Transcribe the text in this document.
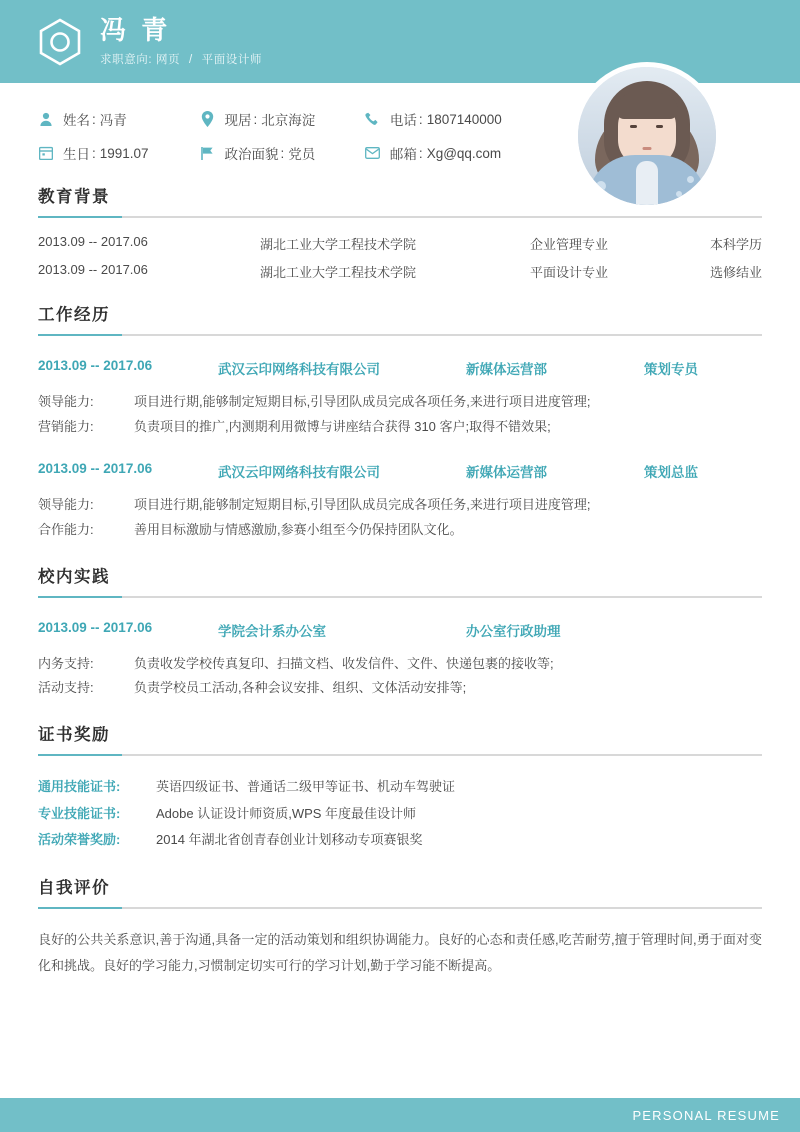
冯 青
求职意向: 网页 / 平面设计师
姓名 : 冯青	现居 : 北京海淀	电话 : 1807140000
生日 : 1991.07	政治面貌 : 党员	邮箱 : Xg@qq.com
教育背景
2013.09 -- 2017.06	湖北工业大学工程技术学院	企业管理专业	本科学历
2013.09 -- 2017.06	湖北工业大学工程技术学院	平面设计专业	选修结业
工作经历
2013.09 -- 2017.06	武汉云印网络科技有限公司	新媒体运营部	策划专员
领导能力:	项目进行期,能够制定短期目标,引导团队成员完成各项任务,来进行项目进度管理;
营销能力:	负责项目的推广,内测期利用微博与讲座结合获得 310 客户;取得不错效果;
2013.09 -- 2017.06	武汉云印网络科技有限公司	新媒体运营部	策划总监
领导能力:	项目进行期,能够制定短期目标,引导团队成员完成各项任务,来进行项目进度管理;
合作能力:	善用目标激励与情感激励,参赛小组至今仍保持团队文化。
校内实践
2013.09 -- 2017.06	学院会计系办公室	办公室行政助理
内务支持:	负责收发学校传真复印、扫描文档、收发信件、文件、快递包裹的接收等;
活动支持:	负责学校员工活动,各种会议安排、组织、文体活动安排等;
证书奖励
通用技能证书:	英语四级证书、普通话二级甲等证书、机动车驾驶证
专业技能证书:	Adobe 认证设计师资质,WPS 年度最佳设计师
活动荣誉奖励:	2014 年湖北省创青春创业计划移动专项赛银奖
自我评价
良好的公共关系意识,善于沟通,具备一定的活动策划和组织协调能力。良好的心态和责任感,吃苦耐劳,擅于管理时间,勇于面对变化和挑战。良好的学习能力,习惯制定切实可行的学习计划,勤于学习能不断提高。
PERSONAL RESUME
